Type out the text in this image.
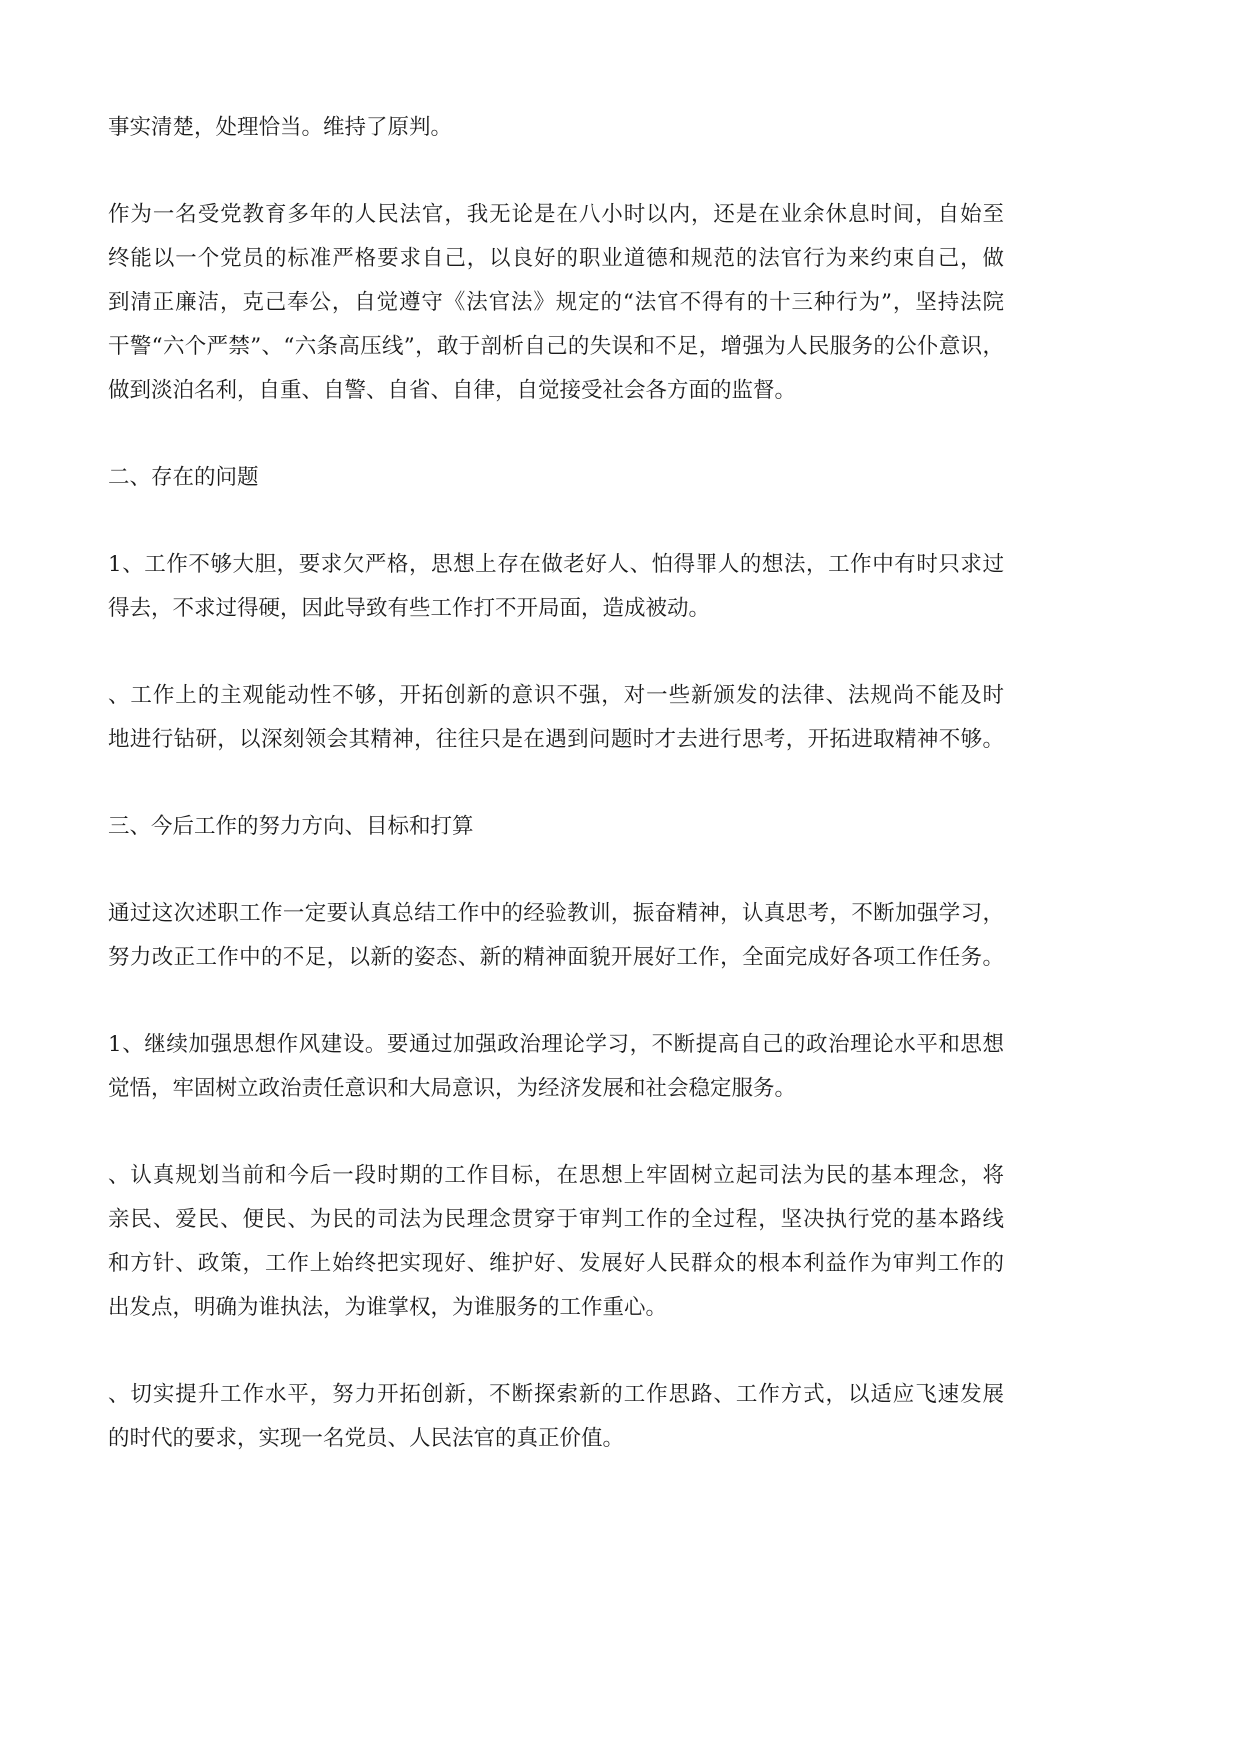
事实清楚，处理恰当。维持了原判。
作为一名受党教育多年的人民法官，我无论是在八小时以内，还是在业余休息时间，自始至
终能以一个党员的标准严格要求自己，以良好的职业道德和规范的法官行为来约束自己，做
到清正廉洁，克己奉公，自觉遵守《法官法》规定的“法官不得有的十三种行为”，坚持法院
干警“六个严禁”、“六条高压线”，敢于剖析自己的失误和不足，增强为人民服务的公仆意识，
做到淡泊名利，自重、自警、自省、自律，自觉接受社会各方面的监督。
二、存在的问题
1、工作不够大胆，要求欠严格，思想上存在做老好人、怕得罪人的想法，工作中有时只求过
得去，不求过得硬，因此导致有些工作打不开局面，造成被动。
、工作上的主观能动性不够，开拓创新的意识不强，对一些新颁发的法律、法规尚不能及时
地进行钻研，以深刻领会其精神，往往只是在遇到问题时才去进行思考，开拓进取精神不够。
三、今后工作的努力方向、目标和打算
通过这次述职工作一定要认真总结工作中的经验教训，振奋精神，认真思考，不断加强学习，
努力改正工作中的不足，以新的姿态、新的精神面貌开展好工作，全面完成好各项工作任务。
1、继续加强思想作风建设。要通过加强政治理论学习，不断提高自己的政治理论水平和思想
觉悟，牢固树立政治责任意识和大局意识，为经济发展和社会稳定服务。
、认真规划当前和今后一段时期的工作目标，在思想上牢固树立起司法为民的基本理念，将
亲民、爱民、便民、为民的司法为民理念贯穿于审判工作的全过程，坚决执行党的基本路线
和方针、政策，工作上始终把实现好、维护好、发展好人民群众的根本利益作为审判工作的
出发点，明确为谁执法，为谁掌权，为谁服务的工作重心。
、切实提升工作水平，努力开拓创新，不断探索新的工作思路、工作方式，以适应飞速发展
的时代的要求，实现一名党员、人民法官的真正价值。
